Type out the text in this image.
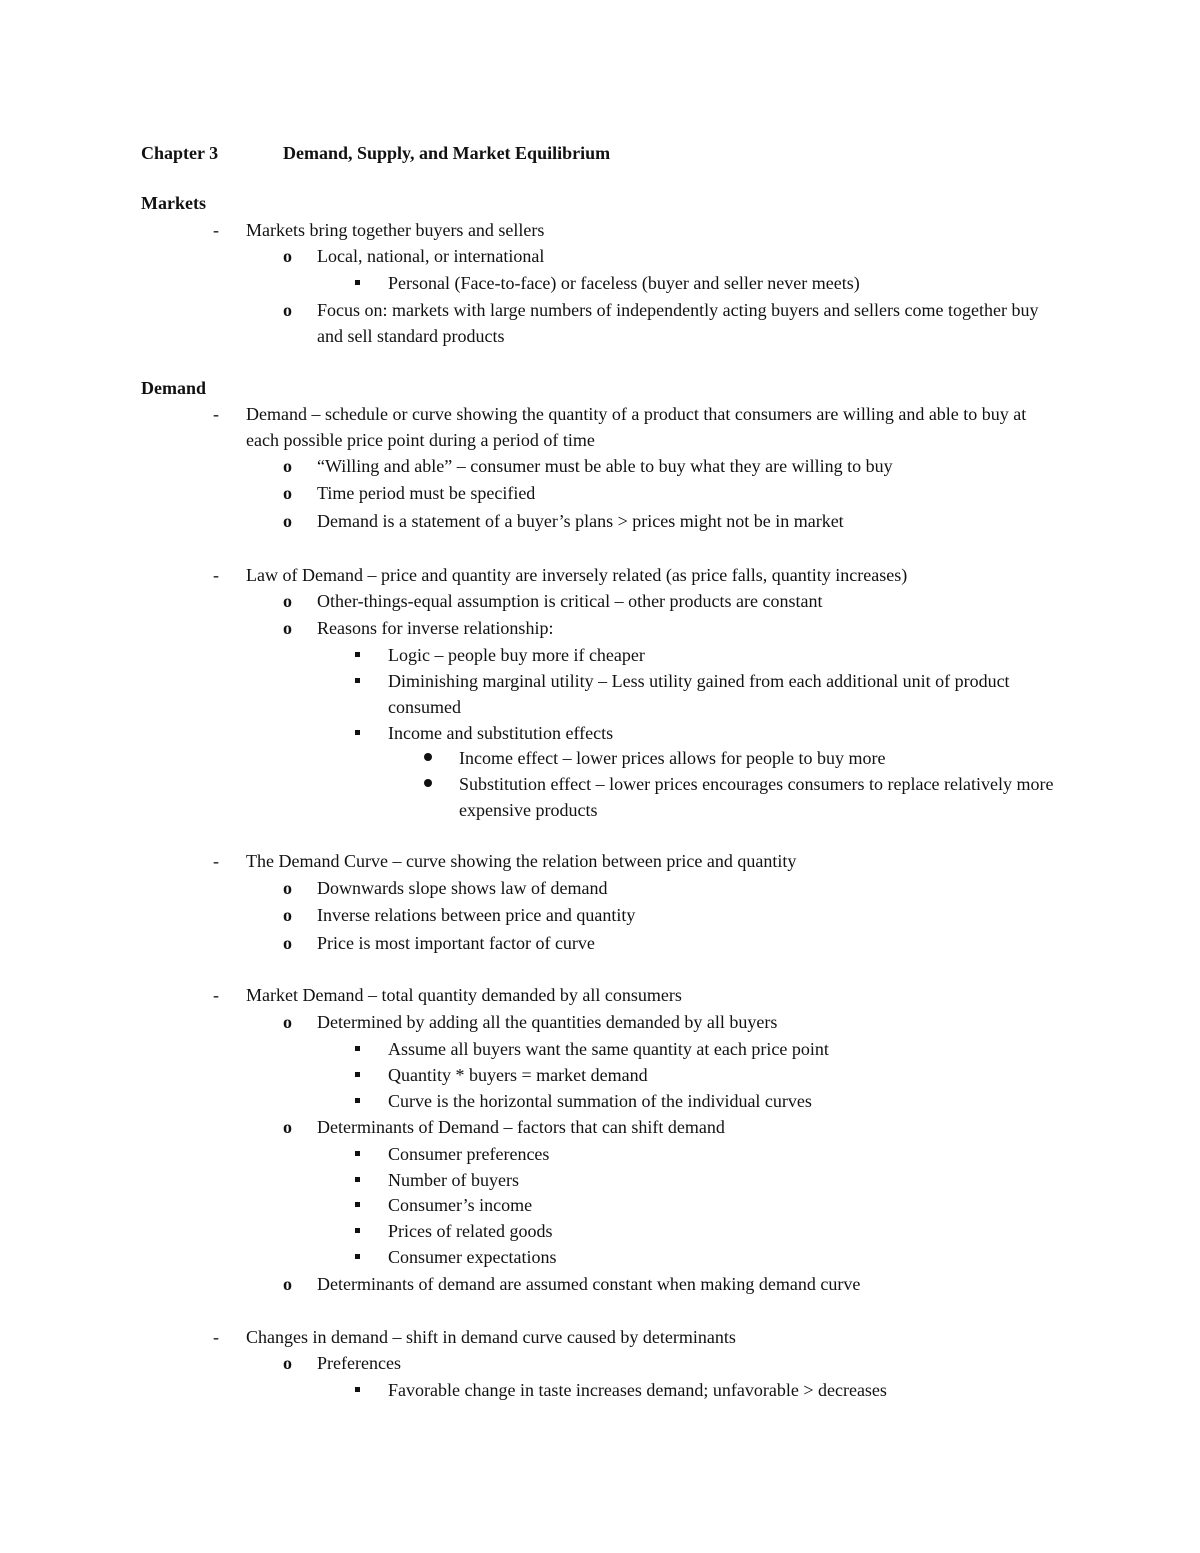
Chapter 3	Demand, Supply, and Market Equilibrium
Markets
- Markets bring together buyers and sellers
o Local, national, or international
Personal (Face-to-face) or faceless (buyer and seller never meets)
o Focus on: markets with large numbers of independently acting buyers and sellers come together buy
and sell standard products
Demand
- Demand – schedule or curve showing the quantity of a product that consumers are willing and able to buy at
each possible price point during a period of time
o “Willing and able” – consumer must be able to buy what they are willing to buy
o Time period must be specified
o Demand is a statement of a buyer’s plans > prices might not be in market
- Law of Demand – price and quantity are inversely related (as price falls, quantity increases)
o Other-things-equal assumption is critical – other products are constant
o Reasons for inverse relationship:
Logic – people buy more if cheaper
Diminishing marginal utility – Less utility gained from each additional unit of product
consumed
Income and substitution effects
Income effect – lower prices allows for people to buy more
Substitution effect – lower prices encourages consumers to replace relatively more
expensive products
- The Demand Curve – curve showing the relation between price and quantity
o Downwards slope shows law of demand
o Inverse relations between price and quantity
o Price is most important factor of curve
- Market Demand – total quantity demanded by all consumers
o Determined by adding all the quantities demanded by all buyers
Assume all buyers want the same quantity at each price point
Quantity * buyers = market demand
Curve is the horizontal summation of the individual curves
o Determinants of Demand – factors that can shift demand
Consumer preferences
Number of buyers
Consumer’s income
Prices of related goods
Consumer expectations
o Determinants of demand are assumed constant when making demand curve
- Changes in demand – shift in demand curve caused by determinants
o Preferences
Favorable change in taste increases demand; unfavorable > decreases
